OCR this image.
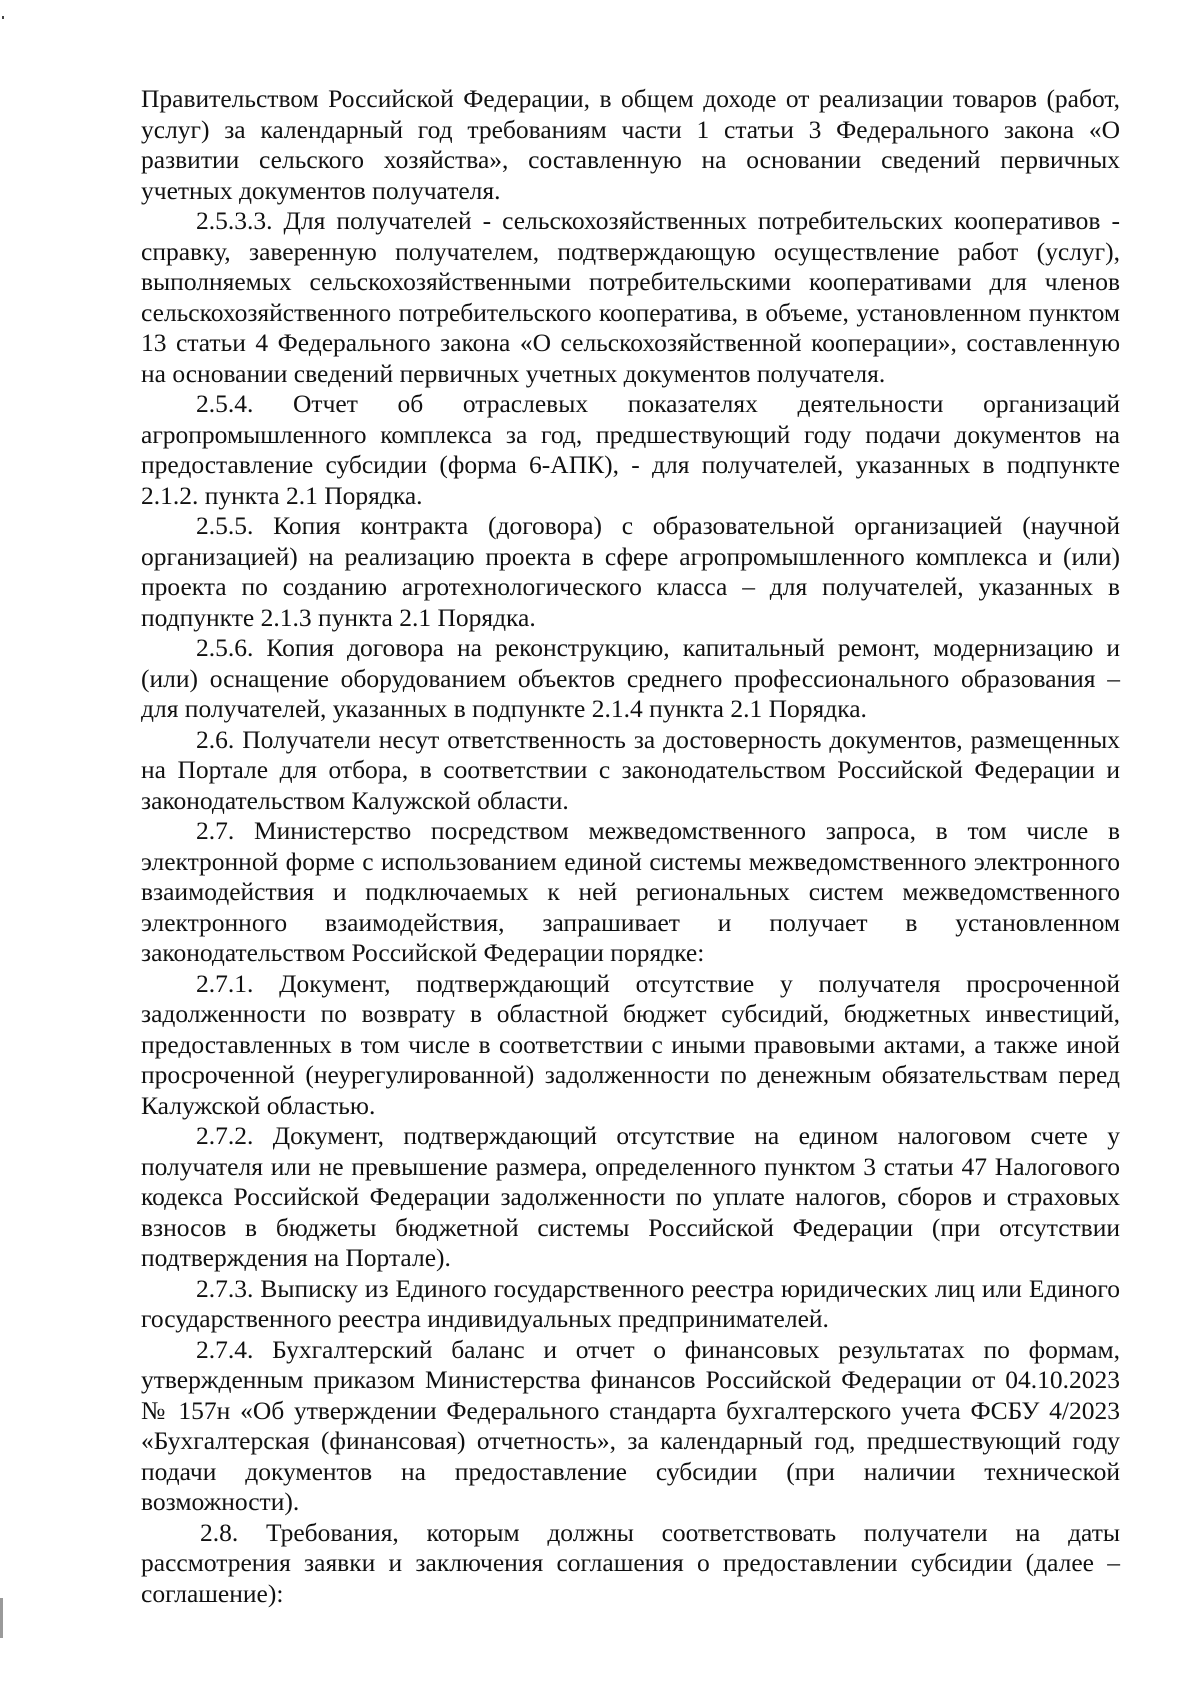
Правительством Российской Федерации, в общем доходе от реализации товаров (работ, услуг) за календарный год требованиям части 1 статьи 3 Федерального закона «О развитии сельского хозяйства», составленную на основании сведений первичных учетных документов получателя.

2.5.3.3. Для получателей - сельскохозяйственных потребительских кооперативов - справку, заверенную получателем, подтверждающую осуществление работ (услуг), выполняемых сельскохозяйственными потребительскими кооперативами для членов сельскохозяйственного потребительского кооператива, в объеме, установленном пунктом 13 статьи 4 Федерального закона «О сельскохозяйственной кооперации», составленную на основании сведений первичных учетных документов получателя.

2.5.4. Отчет об отраслевых показателях деятельности организаций агропромышленного комплекса за год, предшествующий году подачи документов на предоставление субсидии (форма 6-АПК), - для получателей, указанных в подпункте 2.1.2. пункта 2.1 Порядка.

2.5.5. Копия контракта (договора) с образовательной организацией (научной организацией) на реализацию проекта в сфере агропромышленного комплекса и (или) проекта по созданию агротехнологического класса – для получателей, указанных в подпункте 2.1.3 пункта 2.1 Порядка.

2.5.6. Копия договора на реконструкцию, капитальный ремонт, модернизацию и (или) оснащение оборудованием объектов среднего профессионального образования – для получателей, указанных в подпункте 2.1.4 пункта 2.1 Порядка.

2.6. Получатели несут ответственность за достоверность документов, размещенных на Портале для отбора, в соответствии с законодательством Российской Федерации и законодательством Калужской области.

2.7. Министерство посредством межведомственного запроса, в том числе в электронной форме с использованием единой системы межведомственного электронного взаимодействия и подключаемых к ней региональных систем межведомственного электронного взаимодействия, запрашивает и получает в установленном законодательством Российской Федерации порядке:

2.7.1. Документ, подтверждающий отсутствие у получателя просроченной задолженности по возврату в областной бюджет субсидий, бюджетных инвестиций, предоставленных в том числе в соответствии с иными правовыми актами, а также иной просроченной (неурегулированной) задолженности по денежным обязательствам перед Калужской областью.

2.7.2. Документ, подтверждающий отсутствие на едином налоговом счете у получателя или не превышение размера, определенного пунктом 3 статьи 47 Налогового кодекса Российской Федерации задолженности по уплате налогов, сборов и страховых взносов в бюджеты бюджетной системы Российской Федерации (при отсутствии подтверждения на Портале).

2.7.3. Выписку из Единого государственного реестра юридических лиц или Единого государственного реестра индивидуальных предпринимателей.

2.7.4. Бухгалтерский баланс и отчет о финансовых результатах по формам, утвержденным приказом Министерства финансов Российской Федерации от 04.10.2023 № 157н «Об утверждении Федерального стандарта бухгалтерского учета ФСБУ 4/2023 «Бухгалтерская (финансовая) отчетность», за календарный год, предшествующий году подачи документов на предоставление субсидии (при наличии технической возможности).

2.8. Требования, которым должны соответствовать получатели на даты рассмотрения заявки и заключения соглашения о предоставлении субсидии (далее – соглашение):
